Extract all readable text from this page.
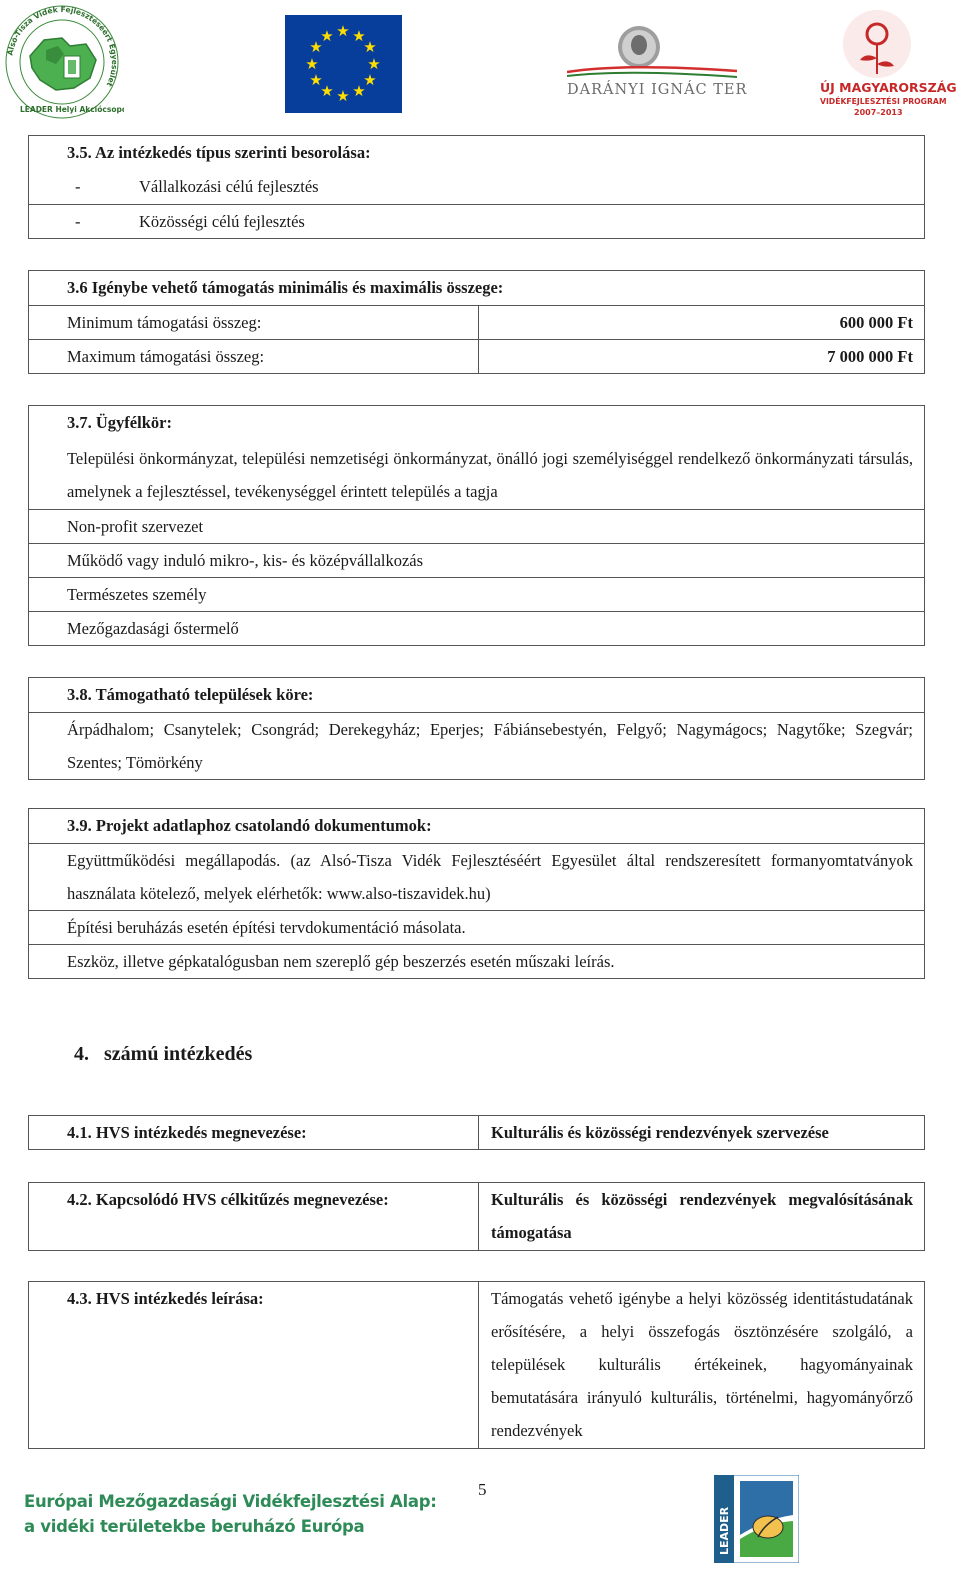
Alsó-Tisza Vidék Fejlesztéséért Egyesület
LEADER Helyi Akciócsoport
★ ★
★
★
★
★
★
★
★
★
★
★
DARÁNYI IGNÁC TERV	ÚJ MAGYARORSZÁG
VIDÉKFEJLESZTÉSI PROGRAM
2007–2013
3.5. Az intézkedés típus szerinti besorolása:
-	Vállalkozási célú fejlesztés
-	Közösségi célú fejlesztés
3.6 Igénybe vehető támogatás minimális és maximális összege:
Minimum támogatási összeg:	600 000 Ft
Maximum támogatási összeg:	7 000 000 Ft
3.7. Ügyfélkör:
Települési önkormányzat, települési nemzetiségi önkormányzat, önálló jogi személyiséggel rendelkező önkormányzati társulás, amelynek a fejlesztéssel, tevékenységgel érintett település a tagja
Non-profit szervezet
Működő vagy induló mikro-, kis- és középvállalkozás
Természetes személy
Mezőgazdasági őstermelő
3.8. Támogatható települések köre:
Árpádhalom; Csanytelek; Csongrád; Derekegyház; Eperjes; Fábiánsebestyén, Felgyő; Nagymágocs; Nagytőke; Szegvár; Szentes; Tömörkény
3.9. Projekt adatlaphoz csatolandó dokumentumok:
Együttműködési megállapodás. (az Alsó-Tisza Vidék Fejlesztéséért Egyesület által rendszeresített formanyomtatványok használata kötelező, melyek elérhetők: www.also-tiszavidek.hu)
Építési beruházás esetén építési tervdokumentáció másolata.
Eszköz, illetve gépkatalógusban nem szereplő gép beszerzés esetén műszaki leírás.
4.   számú intézkedés
4.1. HVS intézkedés megnevezése:	Kulturális és közösségi rendezvények szervezése
4.2. Kapcsolódó HVS célkitűzés megnevezése:	Kulturális és közösségi rendezvények megvalósításának támogatása
4.3. HVS intézkedés leírása:	Támogatás vehető igénybe a helyi közösség identitástudatának erősítésére, a helyi összefogás ösztönzésére szolgáló, a települések kulturális értékeinek, hagyományainak bemutatására irányuló kulturális, történelmi, hagyományőrző rendezvények
Európai Mezőgazdasági Vidékfejlesztési Alap:
a vidéki területekbe beruházó Európa
5
LEADER
